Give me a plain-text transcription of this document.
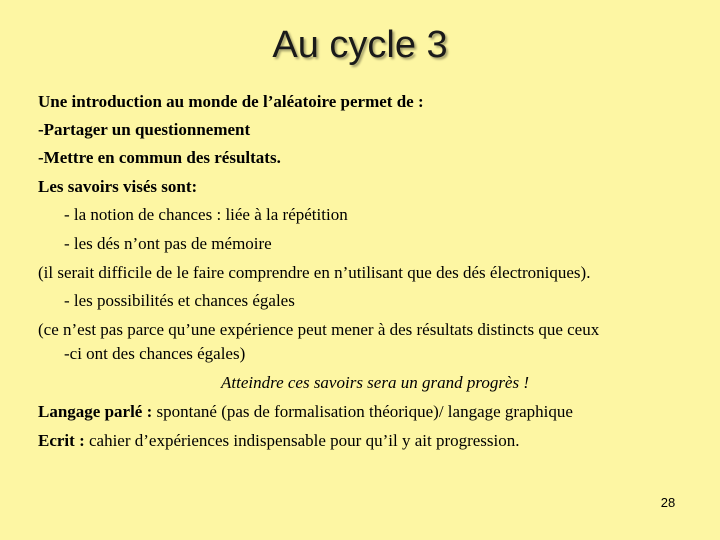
Au cycle 3
Une introduction au monde de l’aléatoire permet de :
-Partager un questionnement
-Mettre en commun des résultats.
Les savoirs visés sont:
- la notion de chances : liée à la répétition
- les dés n’ont pas de mémoire
(il serait difficile de le faire comprendre en n’utilisant que des dés électroniques).
- les possibilités et chances égales
(ce n’est pas parce qu’une expérience peut mener à des résultats distincts que ceux
-ci ont des chances égales)
Atteindre ces savoirs sera un grand progrès !
Langage parlé : spontané (pas de formalisation théorique)/ langage graphique
Ecrit : cahier d’expériences indispensable pour qu’il y ait progression.
28
